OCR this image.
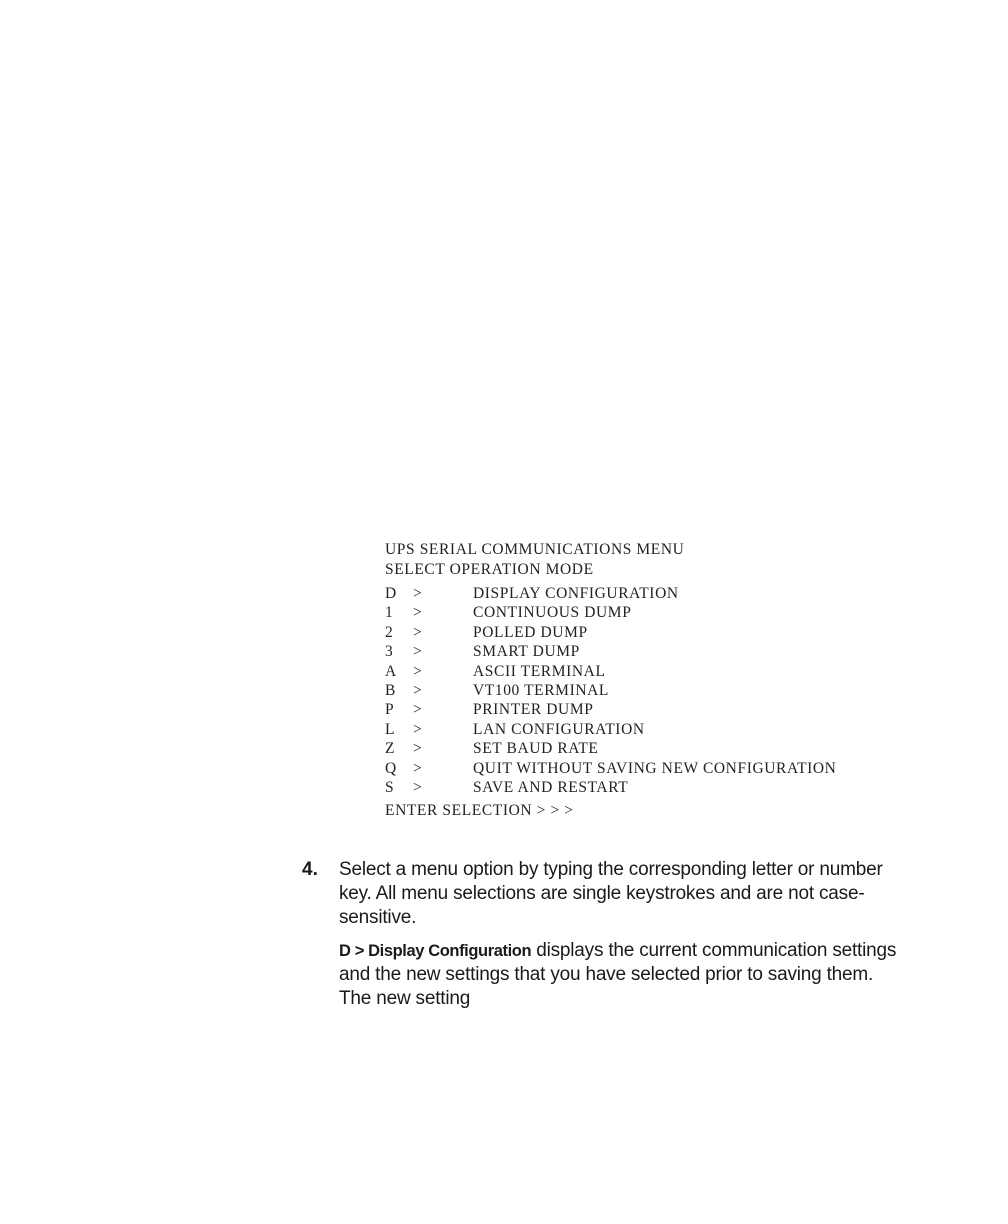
UPS SERIAL COMMUNICATIONS MENU
SELECT OPERATION MODE
D	>	DISPLAY CONFIGURATION
1	>	CONTINUOUS DUMP
2	>	POLLED DUMP
3	>	SMART DUMP
A	>	ASCII TERMINAL
B	>	VT100 TERMINAL
P	>	PRINTER DUMP
L	>	LAN CONFIGURATION
Z	>	SET BAUD RATE
Q	>	QUIT WITHOUT SAVING NEW CONFIGURATION
S	>	SAVE AND RESTART
ENTER SELECTION > > >
4. Select a menu option by typing the corresponding letter or number key. All menu selections are single keystrokes and are not case-sensitive.

D > Display Configuration displays the current communication settings and the new settings that you have selected prior to saving them. The new setting
